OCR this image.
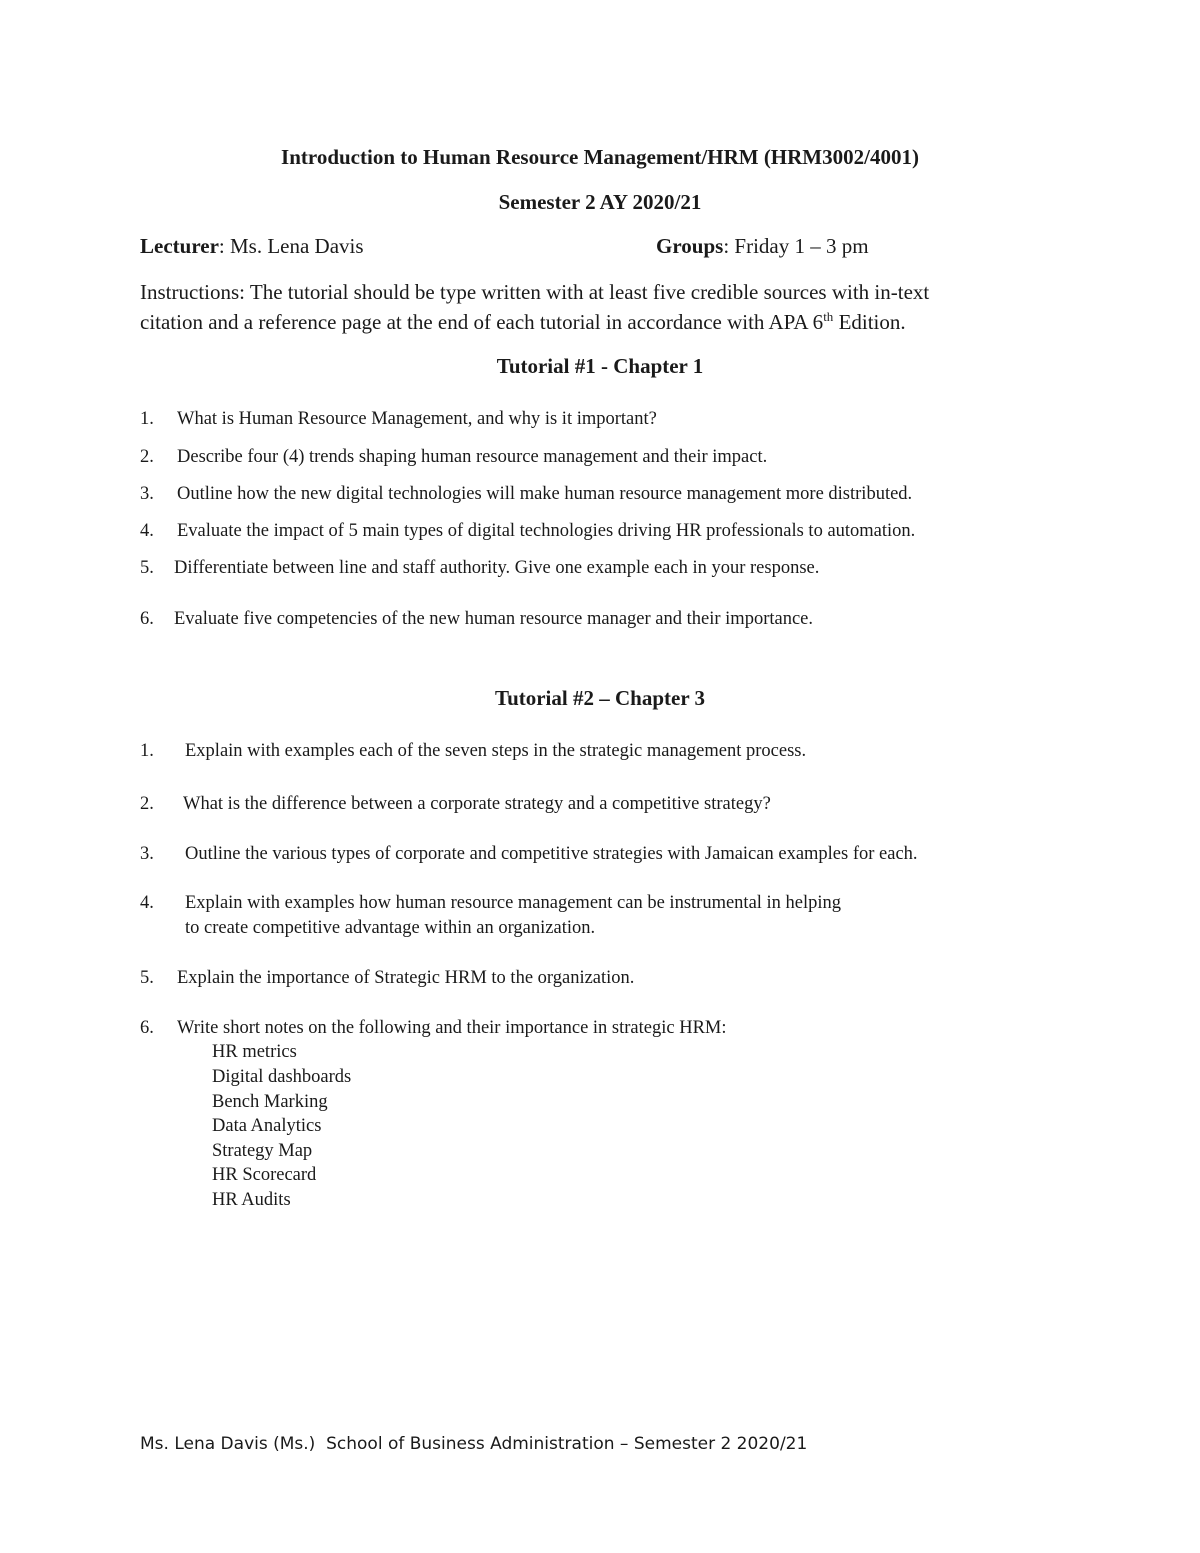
Introduction to Human Resource Management/HRM (HRM3002/4001)
Semester 2 AY 2020/21
Lecturer: Ms. Lena Davis	Groups: Friday 1 – 3 pm
Instructions: The tutorial should be type written with at least five credible sources with in-text
citation and a reference page at the end of each tutorial in accordance with APA 6th Edition.
Tutorial #1 - Chapter 1
1. What is Human Resource Management, and why is it important?
2. Describe four (4) trends shaping human resource management and their impact.
3. Outline how the new digital technologies will make human resource management more distributed.
4. Evaluate the impact of 5 main types of digital technologies driving HR professionals to automation.
5. Differentiate between line and staff authority. Give one example each in your response.
6. Evaluate five competencies of the new human resource manager and their importance.
Tutorial #2 – Chapter 3
1. Explain with examples each of the seven steps in the strategic management process.
2. What is the difference between a corporate strategy and a competitive strategy?
3. Outline the various types of corporate and competitive strategies with Jamaican examples for each.
4. Explain with examples how human resource management can be instrumental in helping
to create competitive advantage within an organization.
5. Explain the importance of Strategic HRM to the organization.
6. Write short notes on the following and their importance in strategic HRM:
HR metrics
Digital dashboards
Bench Marking
Data Analytics
Strategy Map
HR Scorecard
HR Audits
Ms. Lena Davis (Ms.)  School of Business Administration – Semester 2 2020/21
